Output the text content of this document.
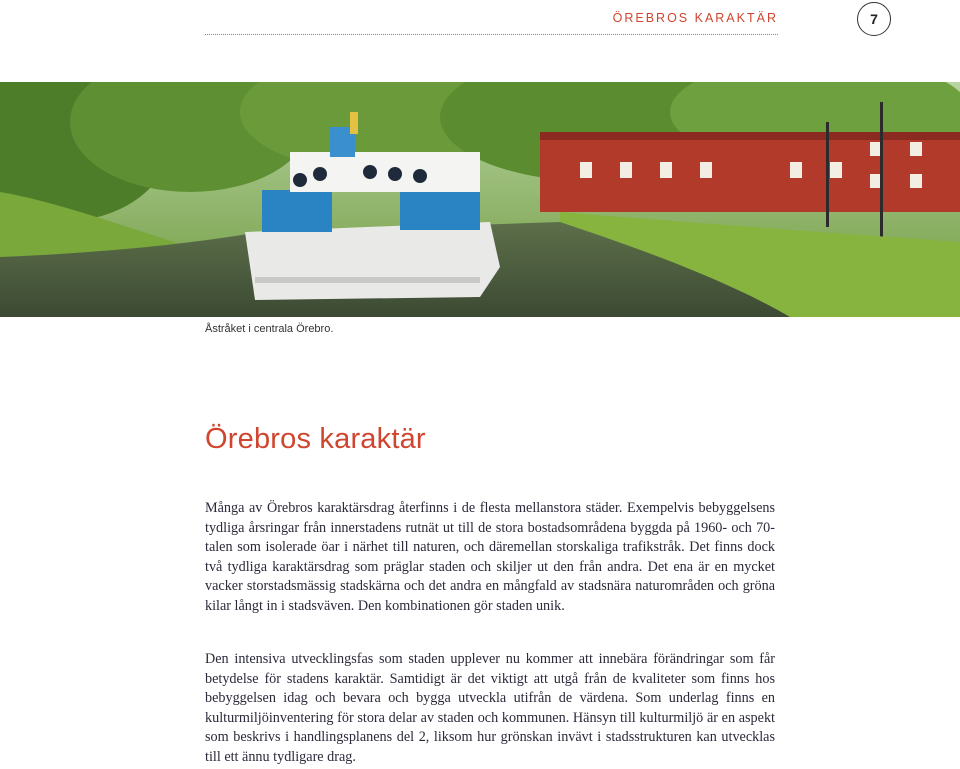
ÖREBROS KARAKTÄR	7
Åstråket i centrala Örebro.
Örebros karaktär

Många av Örebros karaktärsdrag återfinns i de flesta mellanstora städer. Exempelvis bebyggelsens tydliga årsringar från innerstadens rutnät ut till de stora bostadsområdena byggda på 1960- och 70-talen som isolerade öar i närhet till naturen, och däremellan storskaliga trafikstråk. Det finns dock två tydliga karaktärsdrag som präglar staden och skiljer ut den från andra. Det ena är en mycket vacker storstadsmässig stadskärna och det andra en mångfald av stadsnära naturområden och gröna kilar långt in i stadsväven. Den kombinationen gör staden unik.

Den intensiva utvecklingsfas som staden upplever nu kommer att innebära förändringar som får betydelse för stadens karaktär. Samtidigt är det viktigt att utgå från de kvaliteter som finns hos bebyggelsen idag och bevara och bygga utveckla utifrån de värdena. Som underlag finns en kulturmiljöinventering för stora delar av staden och kommunen. Hänsyn till kulturmiljö är en aspekt som beskrivs i handlingsplanens del 2, liksom hur grönskan invävt i stadsstrukturen kan utvecklas till ett ännu tydligare drag.
